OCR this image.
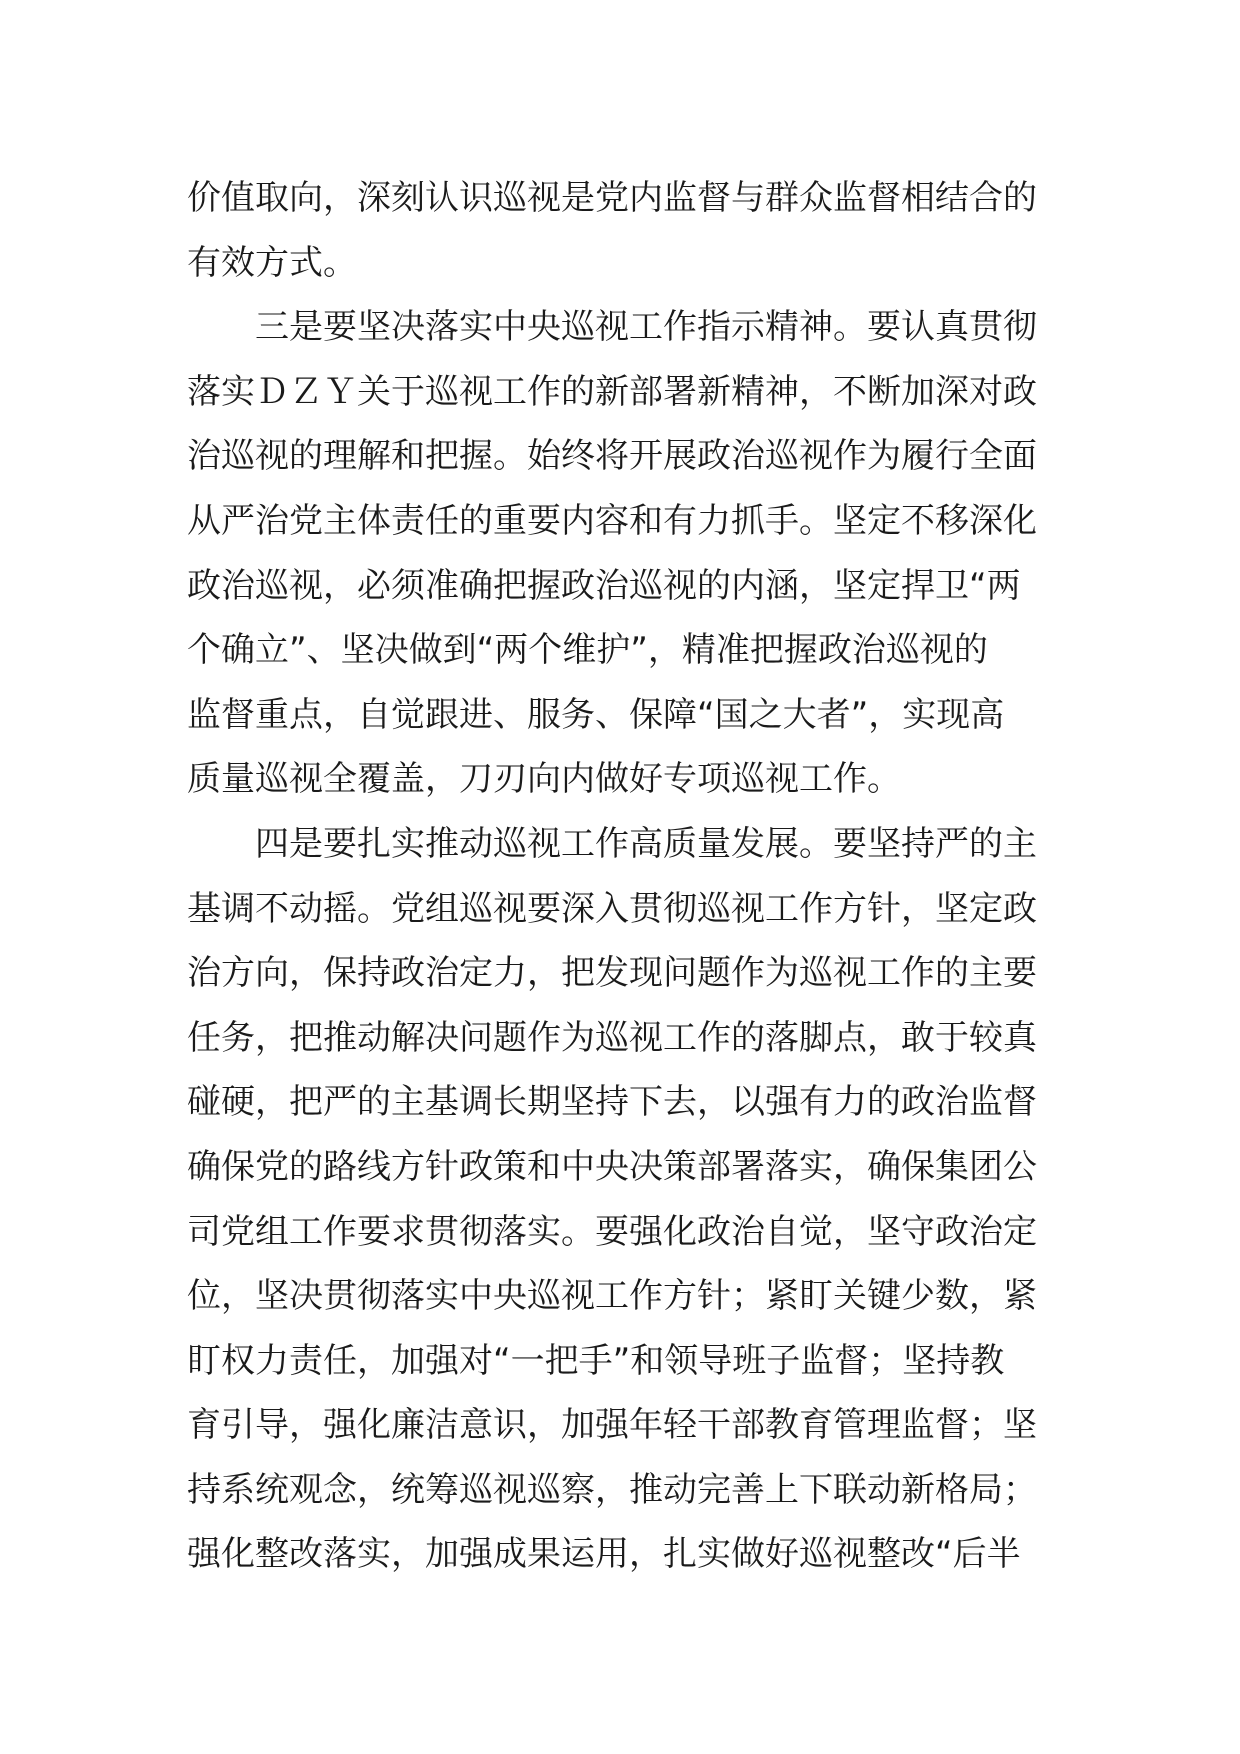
价值取向，深刻认识巡视是党内监督与群众监督相结合的
有效方式。
三是要坚决落实中央巡视工作指示精神。要认真贯彻
落实ＤＺＹ关于巡视工作的新部署新精神，不断加深对政
治巡视的理解和把握。始终将开展政治巡视作为履行全面
从严治党主体责任的重要内容和有力抓手。坚定不移深化
政治巡视，必须准确把握政治巡视的内涵，坚定捍卫“两
个确立”、坚决做到“两个维护”，精准把握政治巡视的
监督重点，自觉跟进、服务、保障“国之大者”，实现高
质量巡视全覆盖，刀刃向内做好专项巡视工作。
四是要扎实推动巡视工作高质量发展。要坚持严的主
基调不动摇。党组巡视要深入贯彻巡视工作方针，坚定政
治方向，保持政治定力，把发现问题作为巡视工作的主要
任务，把推动解决问题作为巡视工作的落脚点，敢于较真
碰硬，把严的主基调长期坚持下去，以强有力的政治监督
确保党的路线方针政策和中央决策部署落实，确保集团公
司党组工作要求贯彻落实。要强化政治自觉，坚守政治定
位，坚决贯彻落实中央巡视工作方针；紧盯关键少数，紧
盯权力责任，加强对“一把手”和领导班子监督；坚持教
育引导，强化廉洁意识，加强年轻干部教育管理监督；坚
持系统观念，统筹巡视巡察，推动完善上下联动新格局；
强化整改落实，加强成果运用，扎实做好巡视整改“后半
